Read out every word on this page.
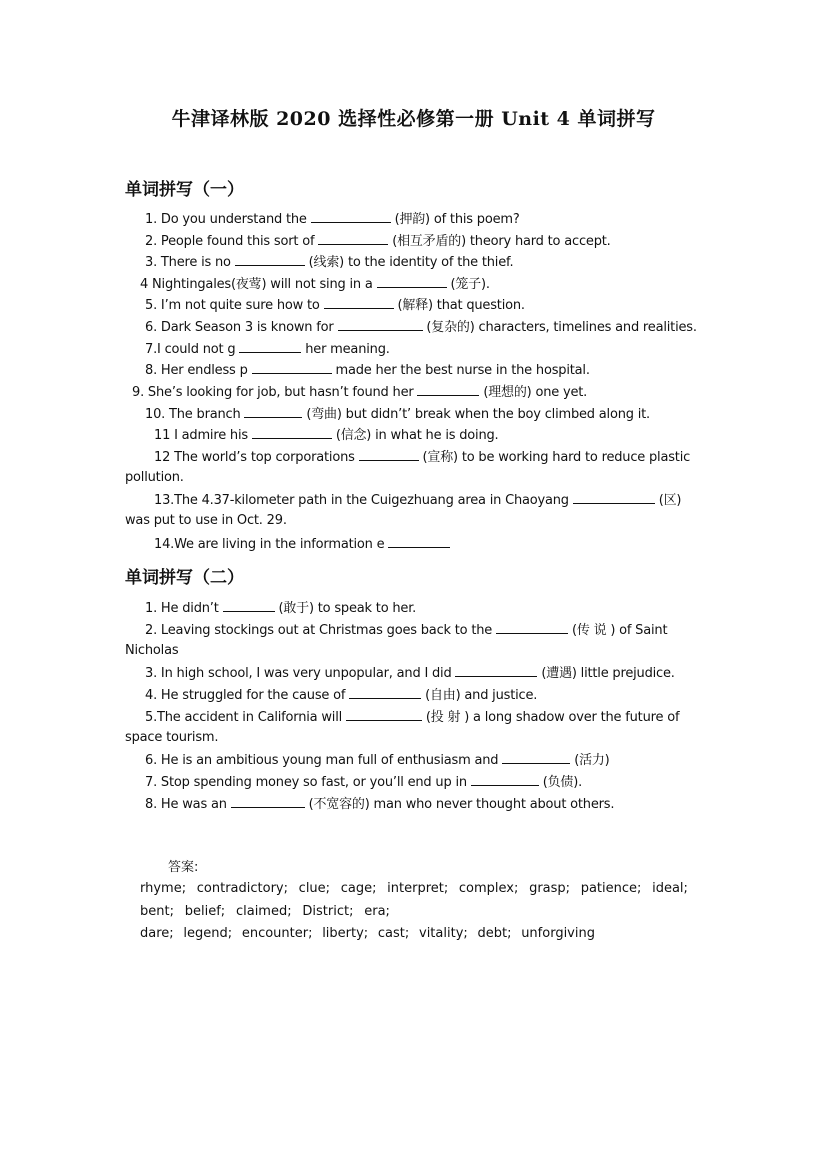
牛津译林版 2020 选择性必修第一册 Unit 4 单词拼写
单词拼写（一）
1. Do you understand the	(押韵) of this poem?
2. People found this sort of	(相互矛盾的) theory hard to accept.
3. There is no	(线索) to the identity of the thief.
4 Nightingales(夜莺) will not sing in a	(笼子).
5. I’m not quite sure how to	(解释) that question.
6. Dark Season 3 is known for	(复杂的) characters, timelines and realities.
7.I could not g	her meaning.
8. Her endless p	made her the best nurse in the hospital.
9. She’s looking for job, but hasn’t found her	(理想的) one yet.
10. The branch	(弯曲) but didn’t’ break when the boy climbed along it.
11 I admire his	(信念) in what he is doing.
12 The world’s top corporations	(宣称) to be working hard to reduce plastic
pollution.
13.The 4.37-kilometer path in the Cuigezhuang area in Chaoyang	(区)
was put to use in Oct. 29.
14.We are living in the information e
单词拼写（二）
1. He didn’t	(敢于) to speak to her.
2. Leaving stockings out at Christmas goes back to the	(传 说 ) of Saint
Nicholas
3. In high school, I was very unpopular, and I did	(遭遇) little prejudice.
4. He struggled for the cause of	(自由) and justice.
5.The accident in California will	(投 射 ) a long shadow over the future of
space tourism.
6. He is an ambitious young man full of enthusiasm and	(活力)
7. Stop spending money so fast, or you’ll end up in	(负债).
8. He was an	(不宽容的) man who never thought about others.
答案:
rhyme; contradictory; clue; cage; interpret; complex; grasp; patience; ideal;
bent; belief; claimed; District; era;
dare; legend; encounter; liberty; cast; vitality; debt; unforgiving
